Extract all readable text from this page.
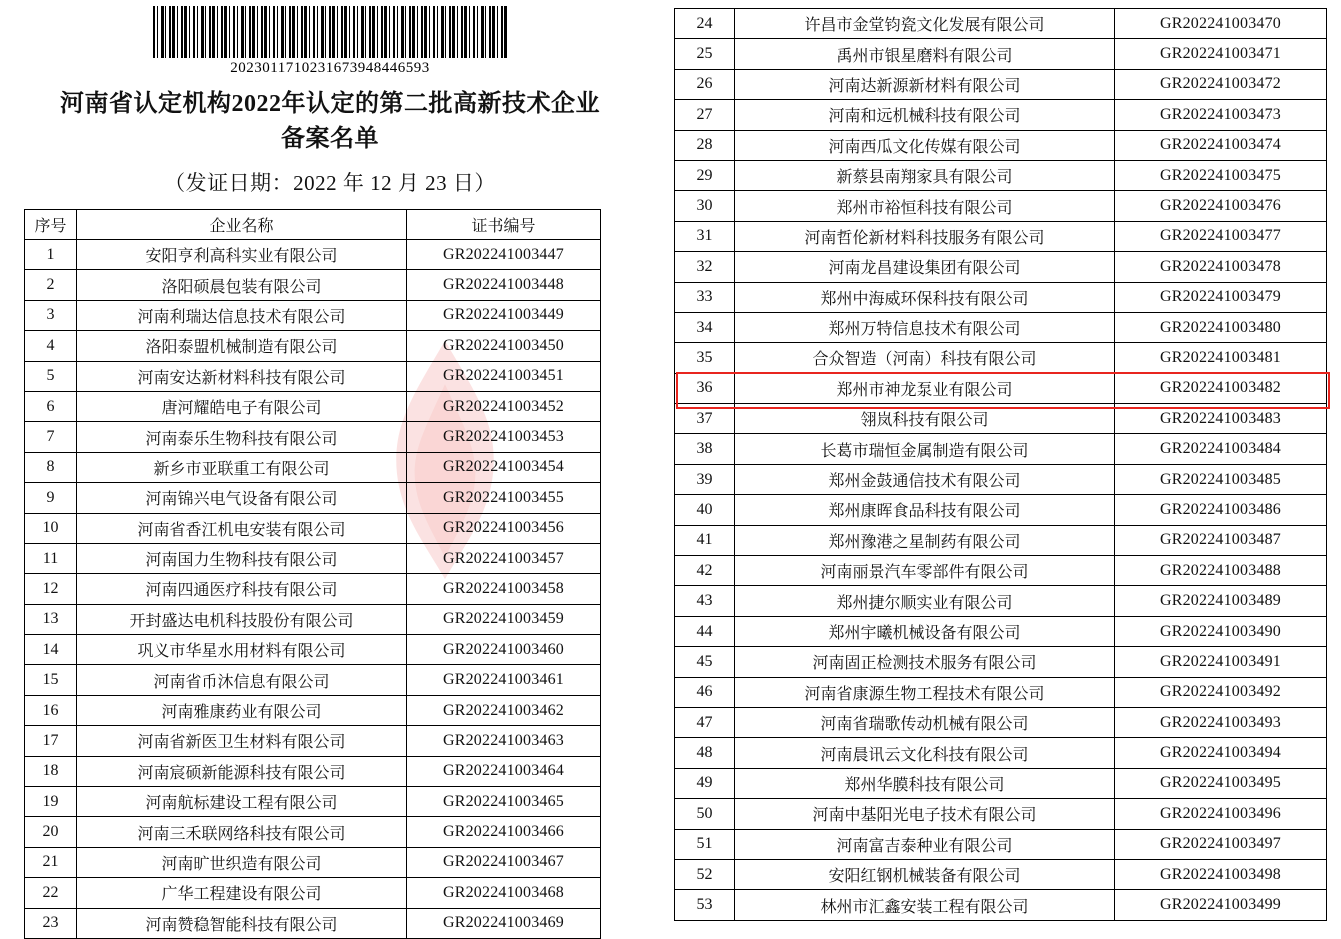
2023011710231673948446593
河南省认定机构2022年认定的第二批高新技术企业
备案名单
（发证日期：2022 年 12 月 23 日）
序号	企业名称	证书编号
1	安阳亨利高科实业有限公司	GR202241003447
2	洛阳硕晨包装有限公司	GR202241003448
3	河南利瑞达信息技术有限公司	GR202241003449
4	洛阳泰盟机械制造有限公司	GR202241003450
5	河南安达新材料科技有限公司	GR202241003451
6	唐河耀皓电子有限公司	GR202241003452
7	河南泰乐生物科技有限公司	GR202241003453
8	新乡市亚联重工有限公司	GR202241003454
9	河南锦兴电气设备有限公司	GR202241003455
10	河南省香江机电安装有限公司	GR202241003456
11	河南国力生物科技有限公司	GR202241003457
12	河南四通医疗科技有限公司	GR202241003458
13	开封盛达电机科技股份有限公司	GR202241003459
14	巩义市华星水用材料有限公司	GR202241003460
15	河南省币沐信息有限公司	GR202241003461
16	河南雅康药业有限公司	GR202241003462
17	河南省新医卫生材料有限公司	GR202241003463
18	河南宸硕新能源科技有限公司	GR202241003464
19	河南航标建设工程有限公司	GR202241003465
20	河南三禾联网络科技有限公司	GR202241003466
21	河南旷世织造有限公司	GR202241003467
22	广华工程建设有限公司	GR202241003468
23	河南赞稳智能科技有限公司	GR202241003469
24	许昌市金堂钧瓷文化发展有限公司	GR202241003470
25	禹州市银星磨料有限公司	GR202241003471
26	河南达新源新材料有限公司	GR202241003472
27	河南和远机械科技有限公司	GR202241003473
28	河南西瓜文化传媒有限公司	GR202241003474
29	新蔡县南翔家具有限公司	GR202241003475
30	郑州市裕恒科技有限公司	GR202241003476
31	河南哲伦新材料科技服务有限公司	GR202241003477
32	河南龙昌建设集团有限公司	GR202241003478
33	郑州中海威环保科技有限公司	GR202241003479
34	郑州万特信息技术有限公司	GR202241003480
35	合众智造（河南）科技有限公司	GR202241003481
36	郑州市神龙泵业有限公司	GR202241003482
37	翎岚科技有限公司	GR202241003483
38	长葛市瑞恒金属制造有限公司	GR202241003484
39	郑州金鼓通信技术有限公司	GR202241003485
40	郑州康晖食品科技有限公司	GR202241003486
41	郑州豫港之星制药有限公司	GR202241003487
42	河南丽景汽车零部件有限公司	GR202241003488
43	郑州捷尔顺实业有限公司	GR202241003489
44	郑州宇曦机械设备有限公司	GR202241003490
45	河南固正检测技术服务有限公司	GR202241003491
46	河南省康源生物工程技术有限公司	GR202241003492
47	河南省瑞歌传动机械有限公司	GR202241003493
48	河南晨讯云文化科技有限公司	GR202241003494
49	郑州华膜科技有限公司	GR202241003495
50	河南中基阳光电子技术有限公司	GR202241003496
51	河南富吉泰种业有限公司	GR202241003497
52	安阳红钢机械装备有限公司	GR202241003498
53	林州市汇鑫安装工程有限公司	GR202241003499
